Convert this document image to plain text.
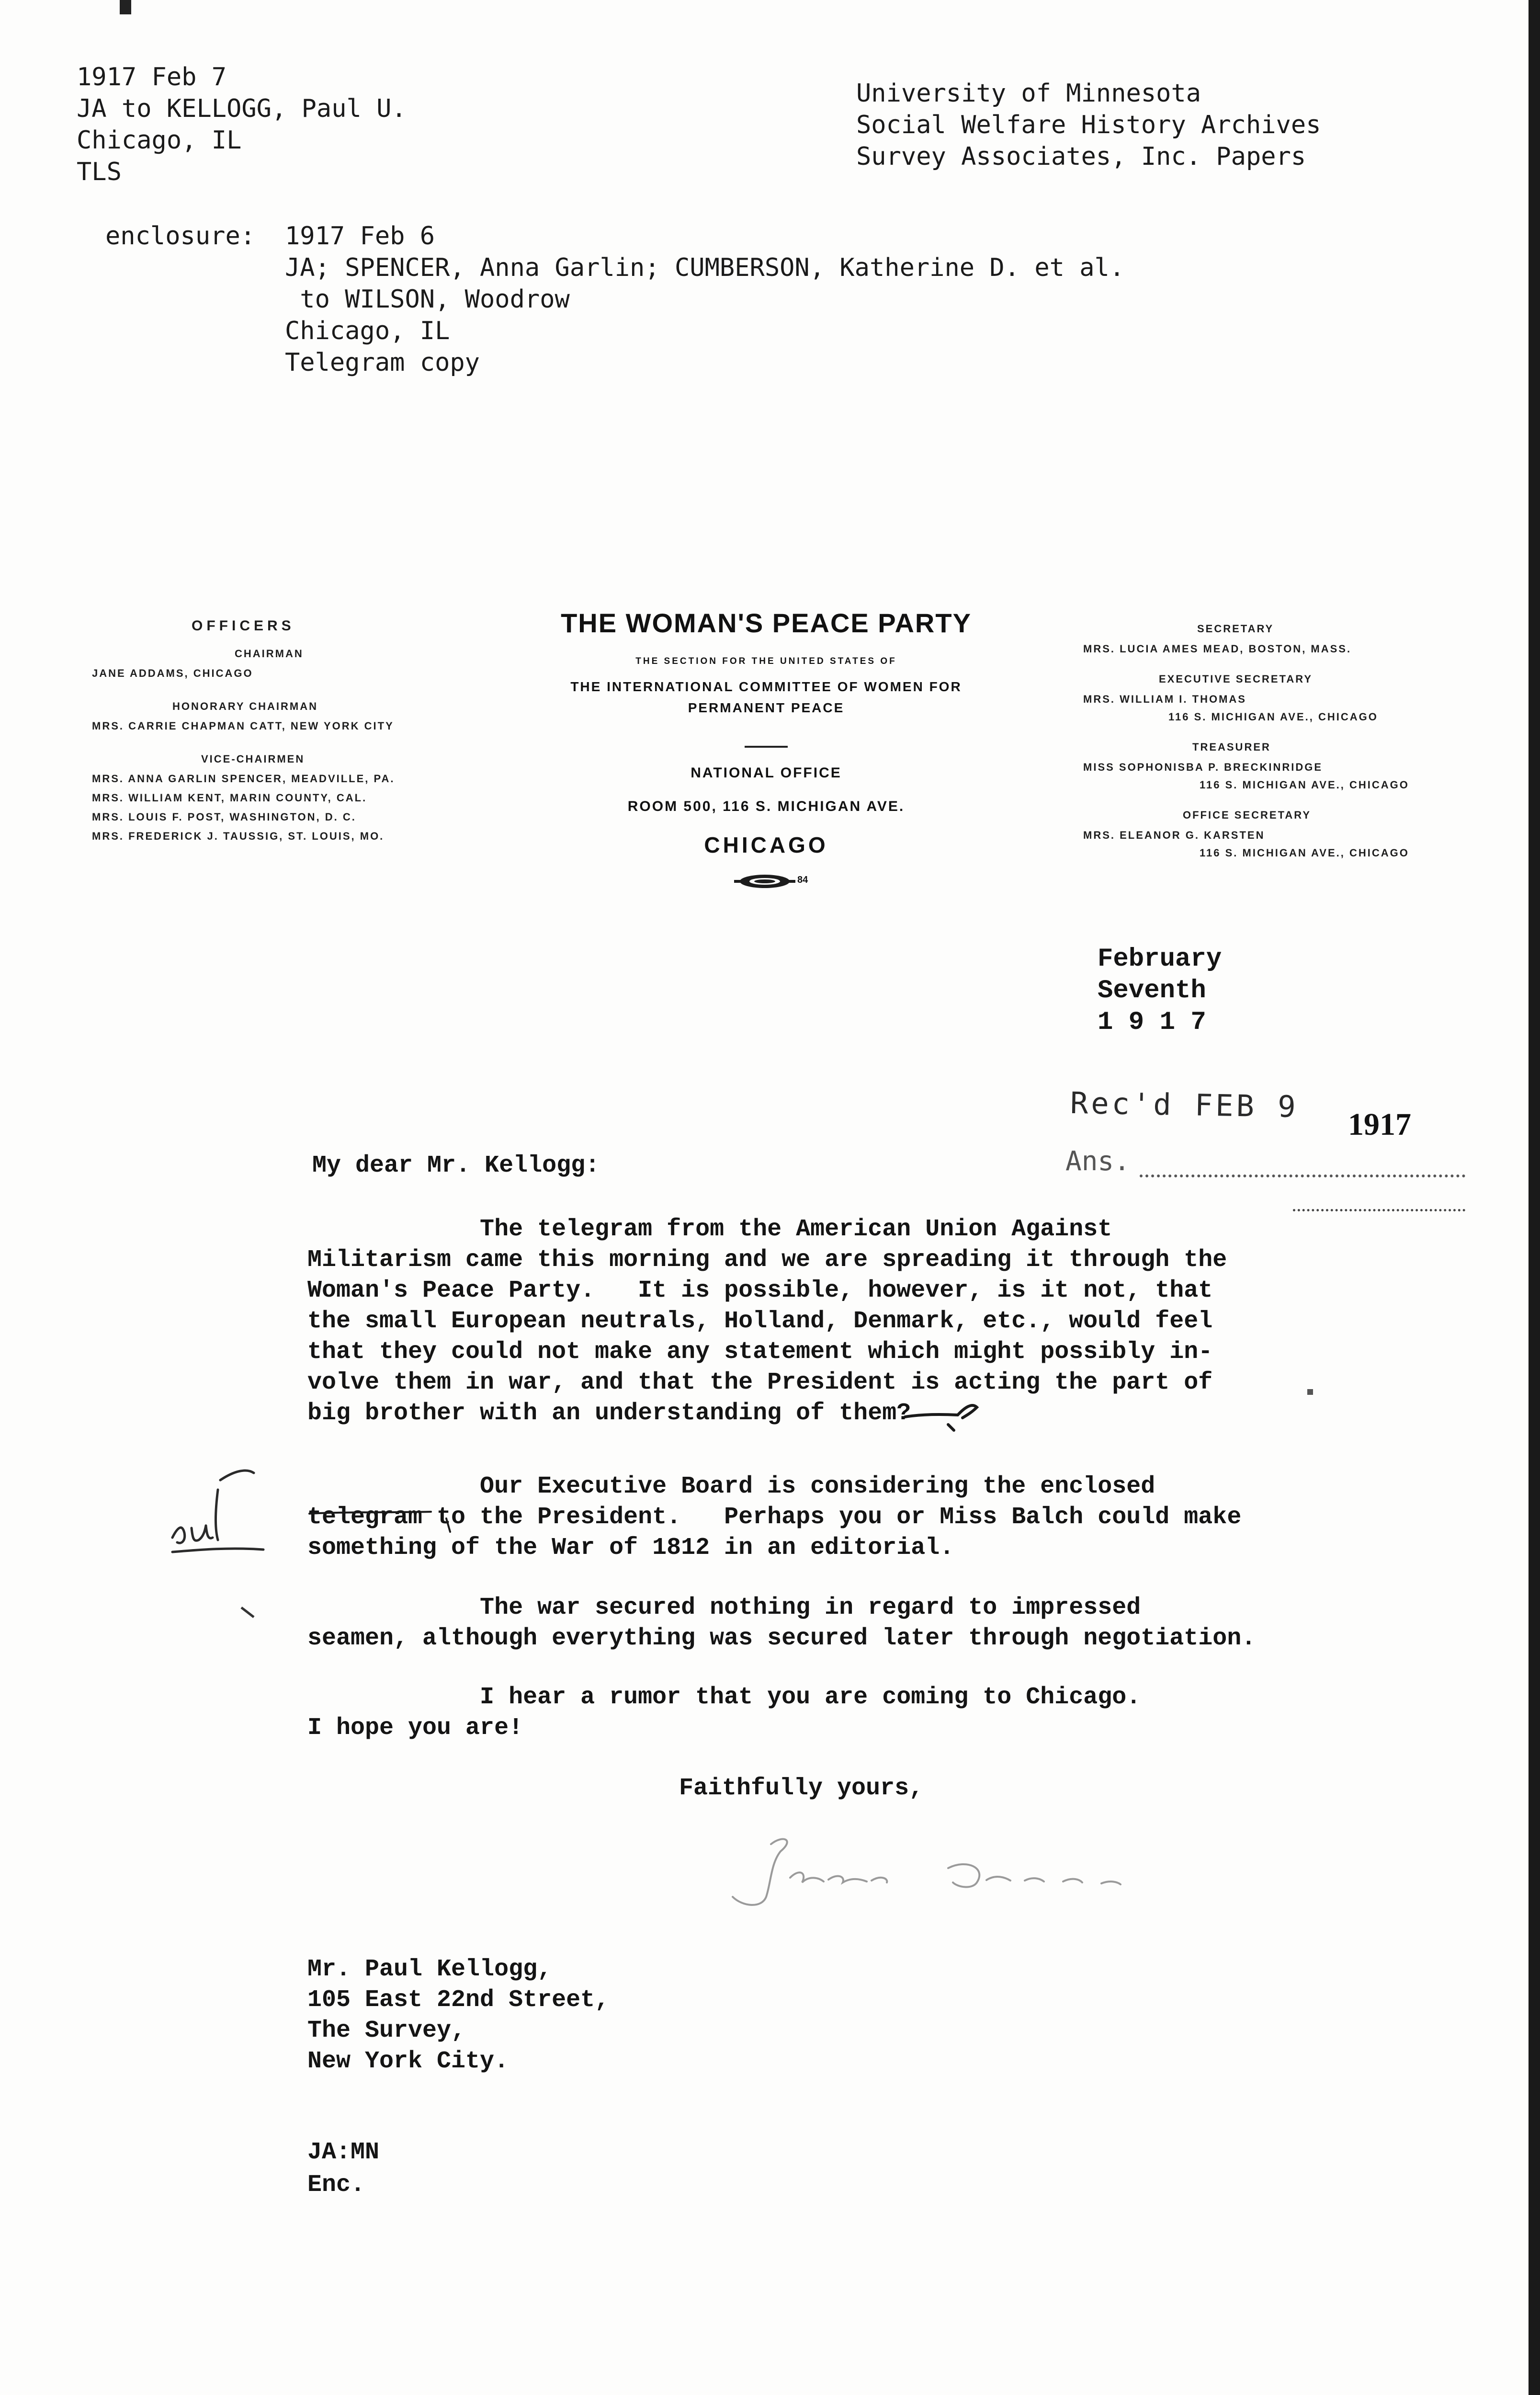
1917 Feb 7
JA to KELLOGG, Paul U.
Chicago, IL
TLS
University of Minnesota
Social Welfare History Archives
Survey Associates, Inc. Papers
enclosure: 1917 Feb 6
JA; SPENCER, Anna Garlin; CUMBERSON, Katherine D. et al.
to WILSON, Woodrow
Chicago, IL
Telegram copy
OFFICERS
CHAIRMAN
JANE ADDAMS, CHICAGO
HONORARY CHAIRMAN
MRS. CARRIE CHAPMAN CATT, NEW YORK CITY
VICE-CHAIRMEN
MRS. ANNA GARLIN SPENCER, MEADVILLE, PA.
MRS. WILLIAM KENT, MARIN COUNTY, CAL.
MRS. LOUIS F. POST, WASHINGTON, D. C.
MRS. FREDERICK J. TAUSSIG, ST. LOUIS, MO.
THE WOMAN'S PEACE PARTY
THE SECTION FOR THE UNITED STATES OF
THE INTERNATIONAL COMMITTEE OF WOMEN FOR
PERMANENT PEACE
NATIONAL OFFICE
ROOM 500, 116 S. MICHIGAN AVE.
CHICAGO
84
SECRETARY
MRS. LUCIA AMES MEAD, BOSTON, MASS.
EXECUTIVE SECRETARY
MRS. WILLIAM I. THOMAS
116 S. MICHIGAN AVE., CHICAGO
TREASURER
MISS SOPHONISBA P. BRECKINRIDGE
116 S. MICHIGAN AVE., CHICAGO
OFFICE SECRETARY
MRS. ELEANOR G. KARSTEN
116 S. MICHIGAN AVE., CHICAGO
February
Seventh
1 9 1 7
Rec'd FEB 9
1917
Ans.
My dear Mr. Kellogg:
The telegram from the American Union Against
Militarism came this morning and we are spreading it through the
Woman's Peace Party.   It is possible, however, is it not, that
the small European neutrals, Holland, Denmark, etc., would feel
that they could not make any statement which might possibly in-
volve them in war, and that the President is acting the part of
big brother with an understanding of them?
Our Executive Board is considering the enclosed
telegram to the President.   Perhaps you or Miss Balch could make
something of the War of 1812 in an editorial.
The war secured nothing in regard to impressed
seamen, although everything was secured later through negotiation.
I hear a rumor that you are coming to Chicago.
I hope you are!
Faithfully yours,
Mr. Paul Kellogg,
105 East 22nd Street,
The Survey,
New York City.
JA:MN
Enc.
